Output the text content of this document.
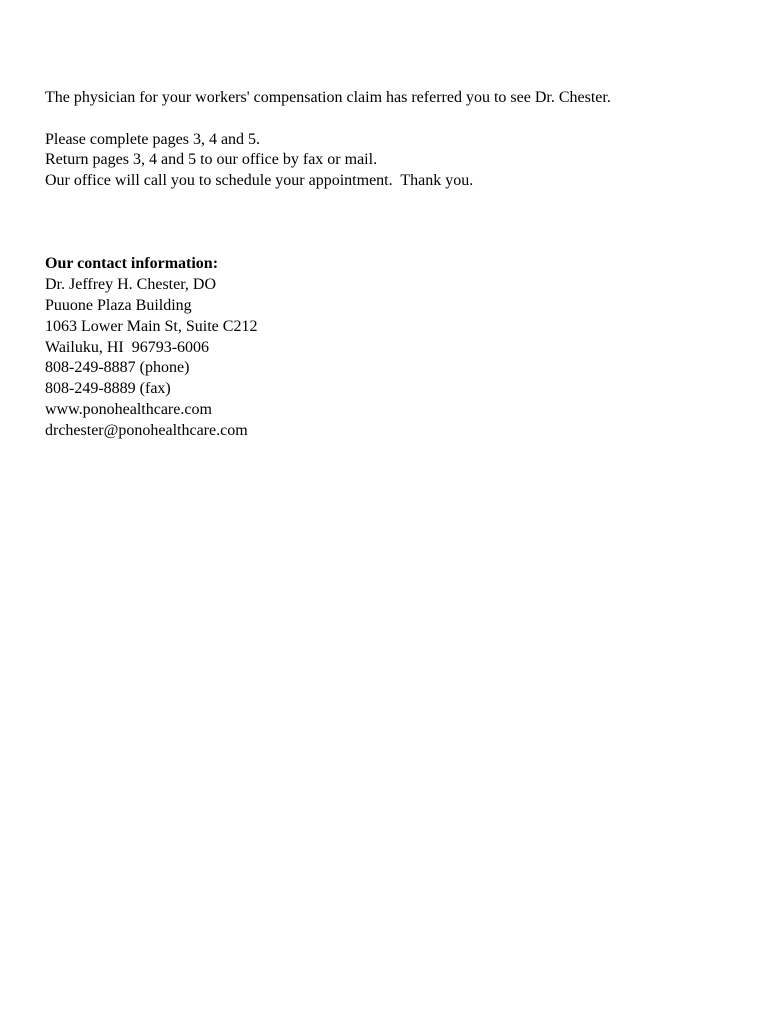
The physician for your workers' compensation claim has referred you to see Dr. Chester.
Please complete pages 3, 4 and 5.
Return pages 3, 4 and 5 to our office by fax or mail.
Our office will call you to schedule your appointment.  Thank you.
Our contact information:
Dr. Jeffrey H. Chester, DO
Puuone Plaza Building
1063 Lower Main St, Suite C212
Wailuku, HI  96793-6006
808-249-8887 (phone)
808-249-8889 (fax)
www.ponohealthcare.com
drchester@ponohealthcare.com
